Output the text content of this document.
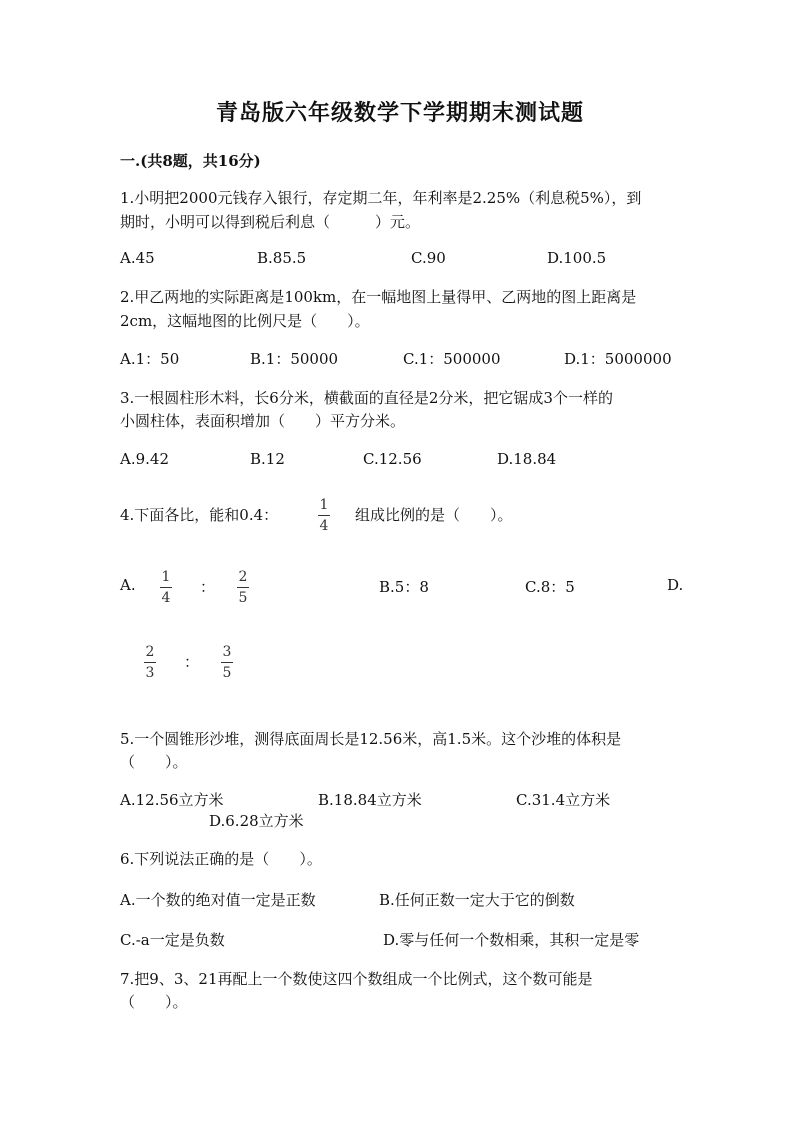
青岛版六年级数学下学期期末测试题
一.(共8题，共16分)
1.小明把2000元钱存入银行，存定期二年，年利率是2.25%（利息税5%），到
期时，小明可以得到税后利息（　　　）元。
A.45	B.85.5	C.90	D.100.5
2.甲乙两地的实际距离是100km，在一幅地图上量得甲、乙两地的图上距离是
2cm，这幅地图的比例尺是（　　）。
A.1：50	B.1：50000	C.1：500000	D.1：5000000
3.一根圆柱形木料，长6分米，横截面的直径是2分米，把它锯成3个一样的
小圆柱体，表面积增加（　　）平方分米。
A.9.42	B.12	C.12.56	D.18.84
4.下面各比，能和0.4：
1
4
组成比例的是（　　）。
A. 1
4
：
2
5
B.5：8	C.8：5	D.
2
3
：
3
5
5.一个圆锥形沙堆，测得底面周长是12.56米，高1.5米。这个沙堆的体积是
（　　）。
A.12.56立方米	B.18.84立方米	C.31.4立方米
D.6.28立方米
6.下列说法正确的是（　　）。
A.一个数的绝对值一定是正数	B.任何正数一定大于它的倒数
C.-a一定是负数	D.零与任何一个数相乘，其积一定是零
7.把9、3、21再配上一个数使这四个数组成一个比例式，这个数可能是
（　　）。
